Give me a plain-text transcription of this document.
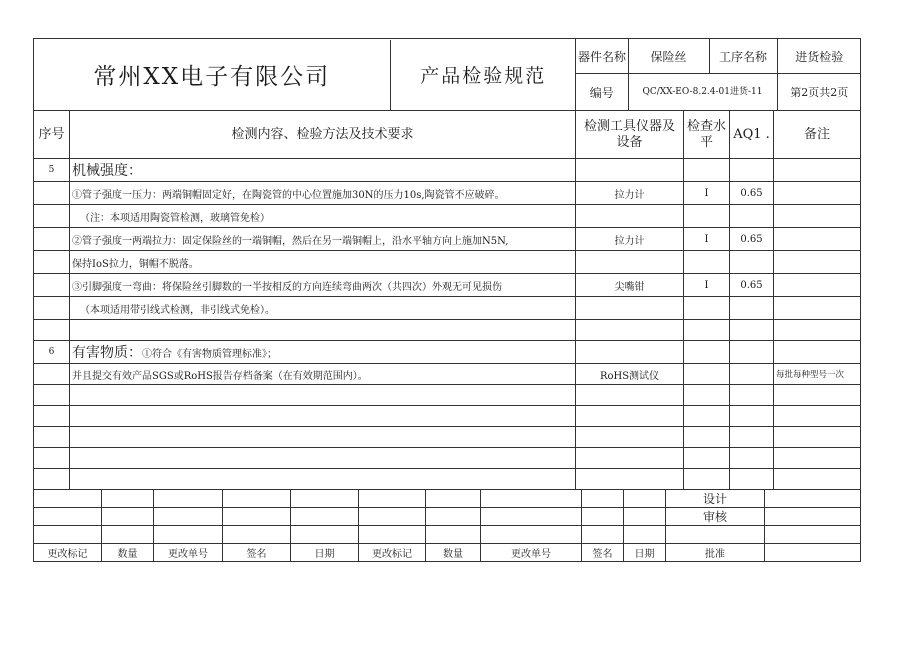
常州XX电子有限公司	产品检验规范

器件名称	保险丝	工序名称	进货检验

编号	QC/XX-EO-8.2.4-01进货-11	第2页共2页

序号	检测内容、检验方法及技术要求	检测工具仪器及设备	检查水平	AQ1 .	备注
5	机械强度：				
	①管子强度一压力：两端铜帽固定好，在陶瓷管的中心位置施加30N的压力10s,陶瓷管不应破碎。	拉力计	I	0.65	
	（注：本项适用陶瓷管检测，玻璃管免检）				
	②管子强度一两端拉力：固定保险丝的一端铜帽，然后在另一端铜帽上，沿水平轴方向上施加N5N,	拉力计	I	0.65	
	保持IoS拉力，铜帽不脱落。				
	③引脚强度一弯曲：将保险丝引脚数的一半按相反的方向连续弯曲两次（共四次）外观无可见损伤	尖嘴钳	I	0.65	
	（本项适用带引线式检测，非引线式免检）。				

6	有害物质：①符合《有害物质管理标准》；				
	并且提交有效产品SGS或RoHS报告存档备案（在有效期范围内）。	RoHS测试仪			每批每种型号一次

										设计	
										审核	

更改标记	数量	更改单号	签名	日期	更改标记	数量	更改单号	签名	日期	批准	
